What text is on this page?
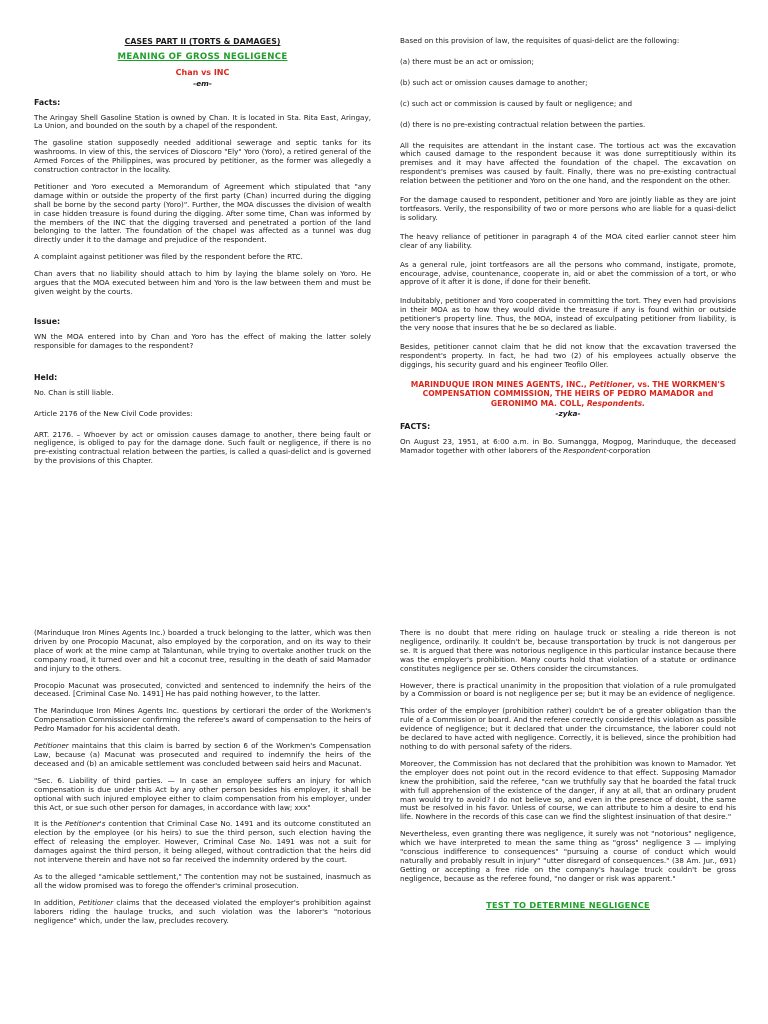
CASES PART II (TORTS & DAMAGES)
MEANING OF GROSS NEGLIGENCE
Chan vs INC
-em-
Facts:

The Aringay Shell Gasoline Station is owned by Chan. It is located in Sta. Rita East, Aringay, La Union, and bounded on the south by a chapel of the respondent.

The gasoline station supposedly needed additional sewerage and septic tanks for its washrooms. In view of this, the services of Dioscoro "Ely" Yoro (Yoro), a retired general of the Armed Forces of the Philippines, was procured by petitioner, as the former was allegedly a construction contractor in the locality.

Petitioner and Yoro executed a Memorandum of Agreement which stipulated that "any damage within or outside the property of the first party (Chan) incurred during the digging shall be borne by the second party (Yoro)". Further, the MOA discusses the division of wealth in case hidden treasure is found during the digging. After some time, Chan was informed by the members of the INC that the digging traversed and penetrated a portion of the land belonging to the latter. The foundation of the chapel was affected as a tunnel was dug directly under it to the damage and prejudice of the respondent.

A complaint against petitioner was filed by the respondent before the RTC.

Chan avers that no liability should attach to him by laying the blame solely on Yoro. He argues that the MOA executed between him and Yoro is the law between them and must be given weight by the courts.

Issue:

WN the MOA entered into by Chan and Yoro has the effect of making the latter solely responsible for damages to the respondent?

Held:

No. Chan is still liable.

Article 2176 of the New Civil Code provides:

ART. 2176. – Whoever by act or omission causes damage to another, there being fault or negligence, is obliged to pay for the damage done. Such fault or negligence, if there is no pre-existing contractual relation between the parties, is called a quasi-delict and is governed by the provisions of this Chapter.

Based on this provision of law, the requisites of quasi-delict are the following:

(a) there must be an act or omission;

(b) such act or omission causes damage to another;

(c) such act or commission is caused by fault or negligence; and

(d) there is no pre-existing contractual relation between the parties.

All the requisites are attendant in the instant case. The tortious act was the excavation which caused damage to the respondent because it was done surreptitiously within its premises and it may have affected the foundation of the chapel. The excavation on respondent's premises was caused by fault. Finally, there was no pre-existing contractual relation between the petitioner and Yoro on the one hand, and the respondent on the other.

For the damage caused to respondent, petitioner and Yoro are jointly liable as they are joint tortfeasors. Verily, the responsibility of two or more persons who are liable for a quasi-delict is solidary.

The heavy reliance of petitioner in paragraph 4 of the MOA cited earlier cannot steer him clear of any liability.

As a general rule, joint tortfeasors are all the persons who command, instigate, promote, encourage, advise, countenance, cooperate in, aid or abet the commission of a tort, or who approve of it after it is done, if done for their benefit.

Indubitably, petitioner and Yoro cooperated in committing the tort. They even had provisions in their MOA as to how they would divide the treasure if any is found within or outside petitioner's property line. Thus, the MOA, instead of exculpating petitioner from liability, is the very noose that insures that he be so declared as liable.

Besides, petitioner cannot claim that he did not know that the excavation traversed the respondent's property. In fact, he had two (2) of his employees actually observe the diggings, his security guard and his engineer Teofilo Oller.

MARINDUQUE IRON MINES AGENTS, INC., Petitioner, vs. THE WORKMEN'S COMPENSATION COMMISSION, THE HEIRS OF PEDRO MAMADOR and GERONIMO MA. COLL, Respondents.
-zyka-
FACTS:

On August 23, 1951, at 6:00 a.m. in Bo. Sumangga, Mogpog, Marinduque, the deceased Mamador together with other laborers of the Respondent-corporation

(Marinduque Iron Mines Agents Inc.) boarded a truck belonging to the latter, which was then driven by one Procopio Macunat, also employed by the corporation, and on its way to their place of work at the mine camp at Talantunan, while trying to overtake another truck on the company road, it turned over and hit a coconut tree, resulting in the death of said Mamador and injury to the others.

Procopio Macunat was prosecuted, convicted and sentenced to indemnify the heirs of the deceased. [Criminal Case No. 1491] He has paid nothing however, to the latter.

The Marinduque Iron Mines Agents Inc. questions by certiorari the order of the Workmen's Compensation Commissioner confirming the referee's award of compensation to the heirs of Pedro Mamador for his accidental death.

Petitioner maintains that this claim is barred by section 6 of the Workmen's Compensation Law, because (a) Macunat was prosecuted and required to indemnify the heirs of the deceased and (b) an amicable settlement was concluded between said heirs and Macunat.

"Sec. 6. Liability of third parties. — In case an employee suffers an injury for which compensation is due under this Act by any other person besides his employer, it shall be optional with such injured employee either to claim compensation from his employer, under this Act, or sue such other person for damages, in accordance with law; xxx"

It is the Petitioner's contention that Criminal Case No. 1491 and its outcome constituted an election by the employee (or his heirs) to sue the third person, such election having the effect of releasing the employer. However, Criminal Case No. 1491 was not a suit for damages against the third person, it being alleged, without contradiction that the heirs did not intervene therein and have not so far received the indemnity ordered by the court.

As to the alleged "amicable settlement," The contention may not be sustained, inasmuch as all the widow promised was to forego the offender's criminal prosecution.

In addition, Petitioner claims that the deceased violated the employer's prohibition against laborers riding the haulage trucks, and such violation was the laborer's "notorious negligence" which, under the law, precludes recovery.

There is no doubt that mere riding on haulage truck or stealing a ride thereon is not negligence, ordinarily. It couldn't be, because transportation by truck is not dangerous per se. It is argued that there was notorious negligence in this particular instance because there was the employer's prohibition. Many courts hold that violation of a statute or ordinance constitutes negligence per se. Others consider the circumstances.

However, there is practical unanimity in the proposition that violation of a rule promulgated by a Commission or board is not negligence per se; but it may be an evidence of negligence.

This order of the employer (prohibition rather) couldn't be of a greater obligation than the rule of a Commission or board. And the referee correctly considered this violation as possible evidence of negligence; but it declared that under the circumstance, the laborer could not be declared to have acted with negligence. Correctly, it is believed, since the prohibition had nothing to do with personal safety of the riders.

Moreover, the Commission has not declared that the prohibition was known to Mamador. Yet the employer does not point out in the record evidence to that effect. Supposing Mamador knew the prohibition, said the referee, "can we truthfully say that he boarded the fatal truck with full apprehension of the existence of the danger, if any at all, that an ordinary prudent man would try to avoid? I do not believe so, and even in the presence of doubt, the same must be resolved in his favor. Unless of course, we can attribute to him a desire to end his life. Nowhere in the records of this case can we find the slightest insinuation of that desire."

Nevertheless, even granting there was negligence, it surely was not "notorious" negligence, which we have interpreted to mean the same thing as "gross" negligence 3 — implying "conscious indifference to consequences" "pursuing a course of conduct which would naturally and probably result in injury" "utter disregard of consequences." (38 Am. Jur., 691) Getting or accepting a free ride on the company's haulage truck couldn't be gross negligence, because as the referee found, "no danger or risk was apparent."

TEST TO DETERMINE NEGLIGENCE
